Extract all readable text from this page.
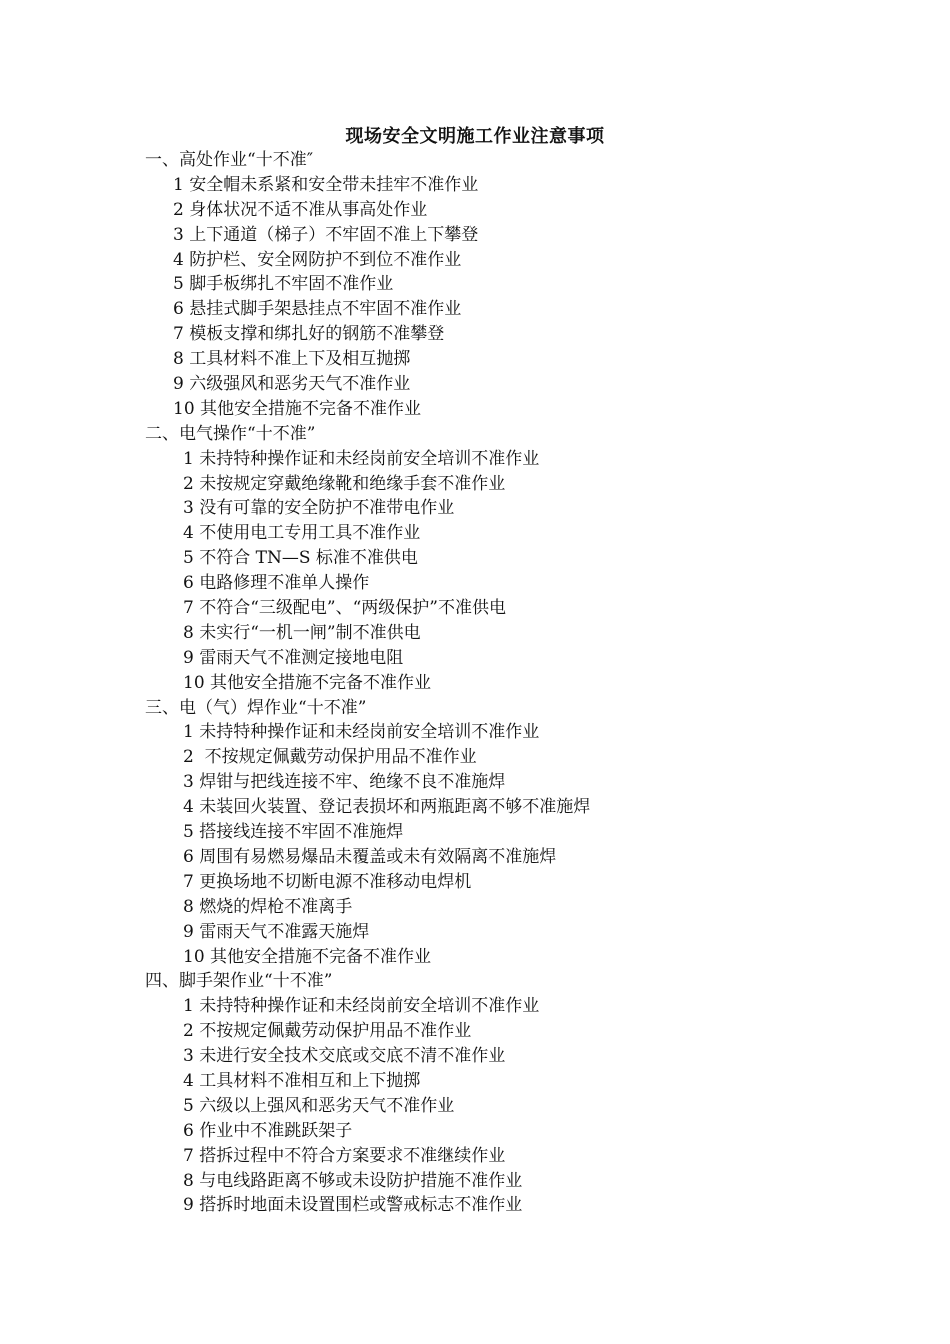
现场安全文明施工作业注意事项
一、高处作业“十不准″
1 安全帽未系紧和安全带未挂牢不准作业
2 身体状况不适不准从事高处作业
3 上下通道（梯子）不牢固不准上下攀登
4 防护栏、安全网防护不到位不准作业
5 脚手板绑扎不牢固不准作业
6 悬挂式脚手架悬挂点不牢固不准作业
7 模板支撑和绑扎好的钢筋不准攀登
8 工具材料不准上下及相互抛掷
9 六级强风和恶劣天气不准作业
10 其他安全措施不完备不准作业
二、电气操作“十不准”
1 未持特种操作证和未经岗前安全培训不准作业
2 未按规定穿戴绝缘靴和绝缘手套不准作业
3 没有可靠的安全防护不准带电作业
4 不使用电工专用工具不准作业
5 不符合 TN—S 标准不准供电
6 电路修理不准单人操作
7 不符合“三级配电”、“两级保护”不准供电
8 未实行“一机一闸”制不准供电
9 雷雨天气不准测定接地电阻
10 其他安全措施不完备不准作业
三、电（气）焊作业“十不准”
1 未持特种操作证和未经岗前安全培训不准作业
2  不按规定佩戴劳动保护用品不准作业
3 焊钳与把线连接不牢、绝缘不良不准施焊
4 未装回火装置、登记表损坏和两瓶距离不够不准施焊
5 搭接线连接不牢固不准施焊
6 周围有易燃易爆品未覆盖或未有效隔离不准施焊
7 更换场地不切断电源不准移动电焊机
8 燃烧的焊枪不准离手
9 雷雨天气不准露天施焊
10 其他安全措施不完备不准作业
四、脚手架作业“十不准”
1 未持特种操作证和未经岗前安全培训不准作业
2 不按规定佩戴劳动保护用品不准作业
3 未进行安全技术交底或交底不清不准作业
4 工具材料不准相互和上下抛掷
5 六级以上强风和恶劣天气不准作业
6 作业中不准跳跃架子
7 搭拆过程中不符合方案要求不准继续作业
8 与电线路距离不够或未设防护措施不准作业
9 搭拆时地面未设置围栏或警戒标志不准作业
